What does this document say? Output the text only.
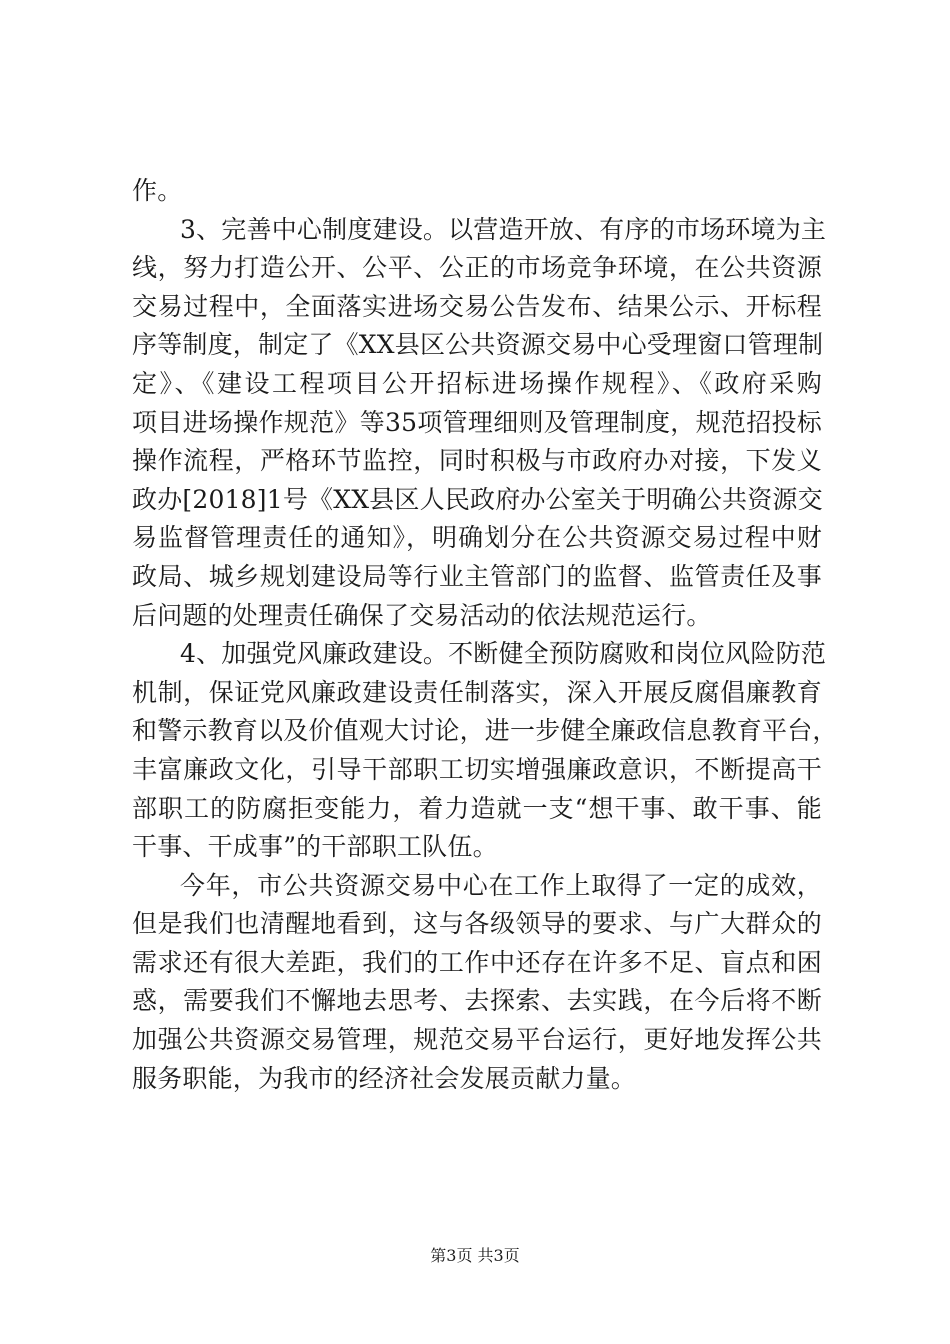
作。
3、完善中心制度建设。以营造开放、有序的市场环境为主
线，努力打造公开、公平、公正的市场竞争环境，在公共资源
交易过程中，全面落实进场交易公告发布、结果公示、开标程
序等制度，制定了《XX县区公共资源交易中心受理窗口管理制
定》、《建设工程项目公开招标进场操作规程》、《政府采购
项目进场操作规范》等35项管理细则及管理制度，规范招投标
操作流程，严格环节监控，同时积极与市政府办对接，下发义
政办[2018]1号《XX县区人民政府办公室关于明确公共资源交
易监督管理责任的通知》，明确划分在公共资源交易过程中财
政局、城乡规划建设局等行业主管部门的监督、监管责任及事
后问题的处理责任确保了交易活动的依法规范运行。
4、加强党风廉政建设。不断健全预防腐败和岗位风险防范
机制，保证党风廉政建设责任制落实，深入开展反腐倡廉教育
和警示教育以及价值观大讨论，进一步健全廉政信息教育平台，
丰富廉政文化，引导干部职工切实增强廉政意识，不断提高干
部职工的防腐拒变能力，着力造就一支“想干事、敢干事、能
干事、干成事”的干部职工队伍。
今年，市公共资源交易中心在工作上取得了一定的成效，
但是我们也清醒地看到，这与各级领导的要求、与广大群众的
需求还有很大差距，我们的工作中还存在许多不足、盲点和困
惑，需要我们不懈地去思考、去探索、去实践，在今后将不断
加强公共资源交易管理，规范交易平台运行，更好地发挥公共
服务职能，为我市的经济社会发展贡献力量。
第3页 共3页
